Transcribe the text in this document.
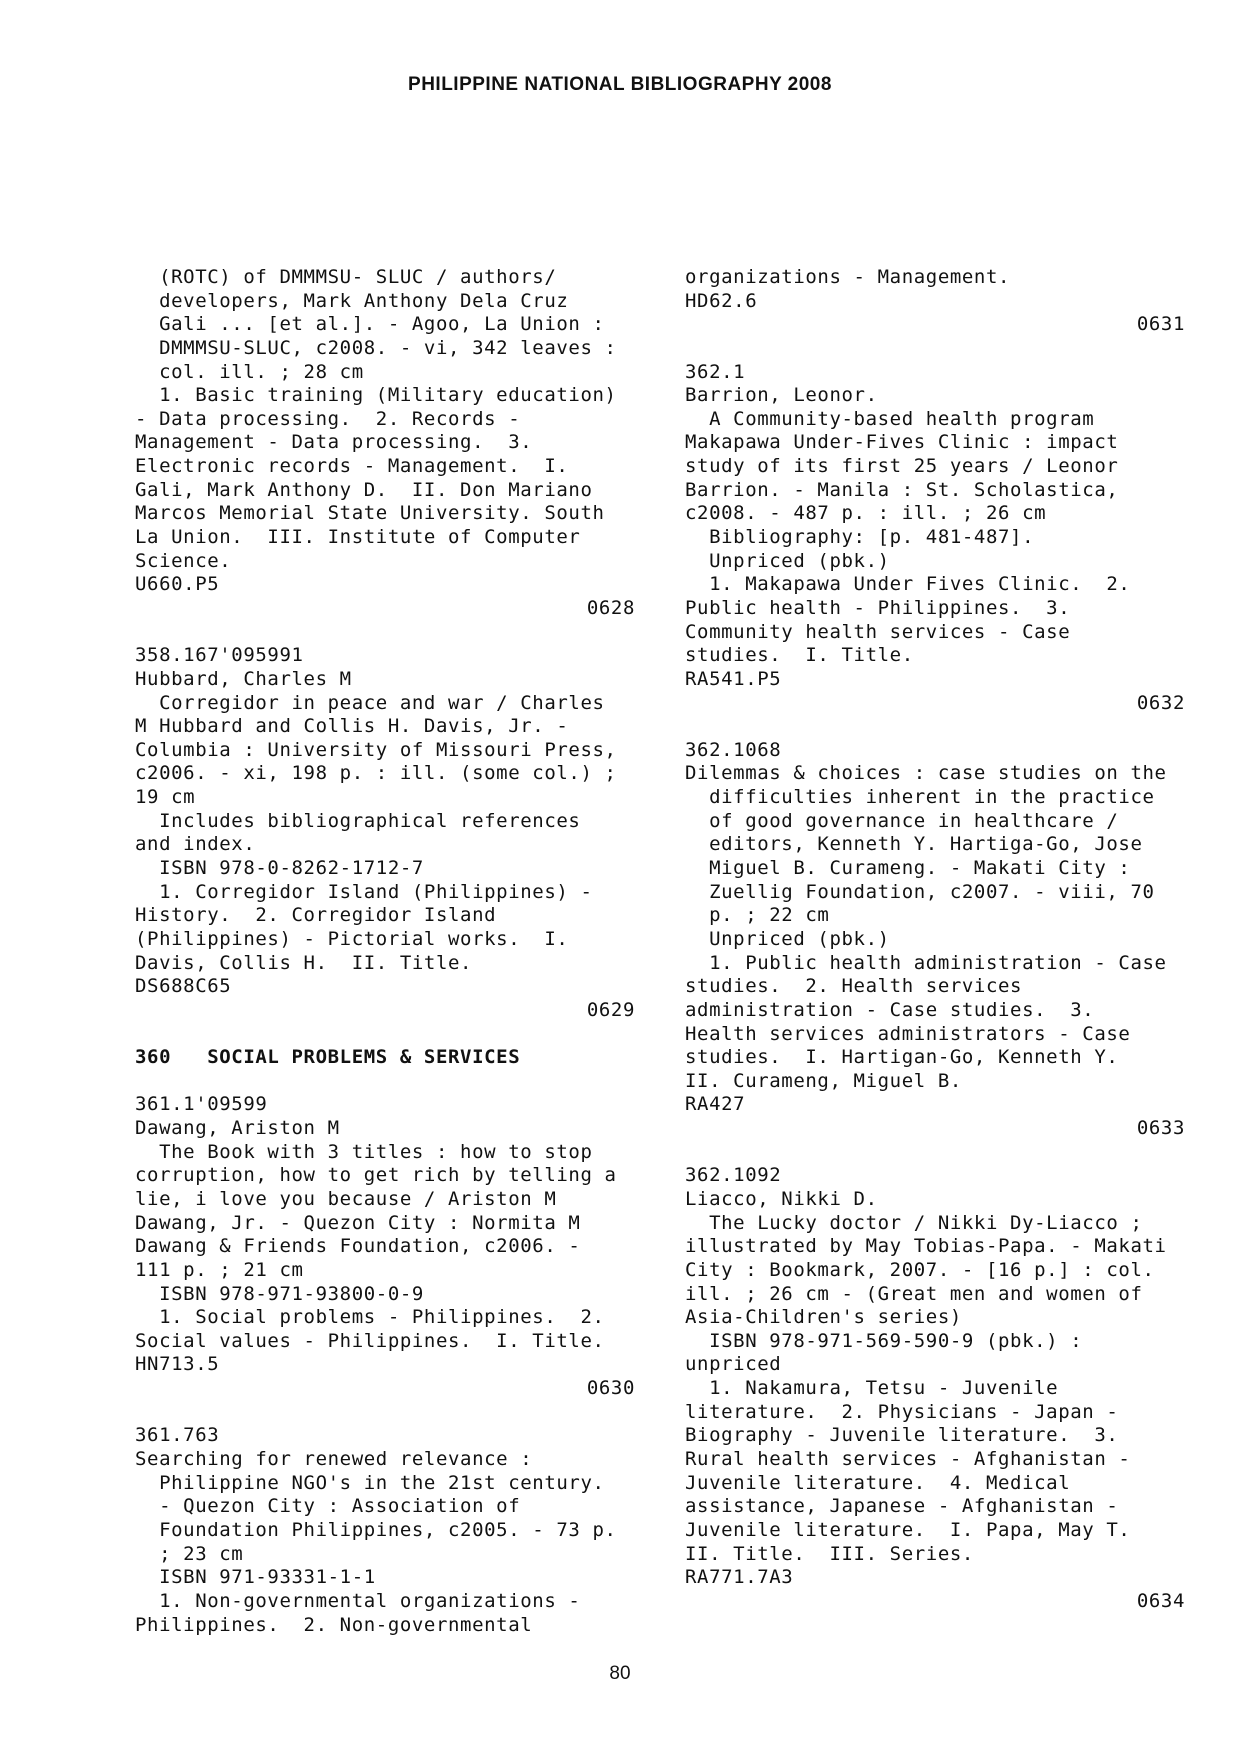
PHILIPPINE NATIONAL BIBLIOGRAPHY 2008
(ROTC) of DMMMSU- SLUC / authors/
developers, Mark Anthony Dela Cruz
Gali ... [et al.]. - Agoo, La Union :
DMMMSU-SLUC, c2008. - vi, 342 leaves :
col. ill. ; 28 cm
1. Basic training (Military education)
- Data processing.  2. Records -
Management - Data processing.  3.
Electronic records - Management.  I.
Gali, Mark Anthony D.  II. Don Mariano
Marcos Memorial State University. South
La Union.  III. Institute of Computer
Science.
U660.P5
0628
358.167'095991
Hubbard, Charles M
Corregidor in peace and war / Charles
M Hubbard and Collis H. Davis, Jr. -
Columbia : University of Missouri Press,
c2006. - xi, 198 p. : ill. (some col.) ;
19 cm
Includes bibliographical references
and index.
ISBN 978-0-8262-1712-7
1. Corregidor Island (Philippines) -
History.  2. Corregidor Island
(Philippines) - Pictorial works.  I.
Davis, Collis H.  II. Title.
DS688C65
0629
360   SOCIAL PROBLEMS & SERVICES
361.1'09599
Dawang, Ariston M
The Book with 3 titles : how to stop
corruption, how to get rich by telling a
lie, i love you because / Ariston M
Dawang, Jr. - Quezon City : Normita M
Dawang & Friends Foundation, c2006. -
111 p. ; 21 cm
ISBN 978-971-93800-0-9
1. Social problems - Philippines.  2.
Social values - Philippines.  I. Title.
HN713.5
0630
361.763
Searching for renewed relevance :
Philippine NGO's in the 21st century.
- Quezon City : Association of
Foundation Philippines, c2005. - 73 p.
; 23 cm
ISBN 971-93331-1-1
1. Non-governmental organizations -
Philippines.  2. Non-governmental
organizations - Management.
HD62.6
0631
362.1
Barrion, Leonor.
A Community-based health program
Makapawa Under-Fives Clinic : impact
study of its first 25 years / Leonor
Barrion. - Manila : St. Scholastica,
c2008. - 487 p. : ill. ; 26 cm
Bibliography: [p. 481-487].
Unpriced (pbk.)
1. Makapawa Under Fives Clinic.  2.
Public health - Philippines.  3.
Community health services - Case
studies.  I. Title.
RA541.P5
0632
362.1068
Dilemmas & choices : case studies on the
difficulties inherent in the practice
of good governance in healthcare /
editors, Kenneth Y. Hartiga-Go, Jose
Miguel B. Curameng. - Makati City :
Zuellig Foundation, c2007. - viii, 70
p. ; 22 cm
Unpriced (pbk.)
1. Public health administration - Case
studies.  2. Health services
administration - Case studies.  3.
Health services administrators - Case
studies.  I. Hartigan-Go, Kenneth Y.
II. Curameng, Miguel B.
RA427
0633
362.1092
Liacco, Nikki D.
The Lucky doctor / Nikki Dy-Liacco ;
illustrated by May Tobias-Papa. - Makati
City : Bookmark, 2007. - [16 p.] : col.
ill. ; 26 cm - (Great men and women of
Asia-Children's series)
ISBN 978-971-569-590-9 (pbk.) :
unpriced
1. Nakamura, Tetsu - Juvenile
literature.  2. Physicians - Japan -
Biography - Juvenile literature.  3.
Rural health services - Afghanistan -
Juvenile literature.  4. Medical
assistance, Japanese - Afghanistan -
Juvenile literature.  I. Papa, May T.
II. Title.  III. Series.
RA771.7A3
0634
80
